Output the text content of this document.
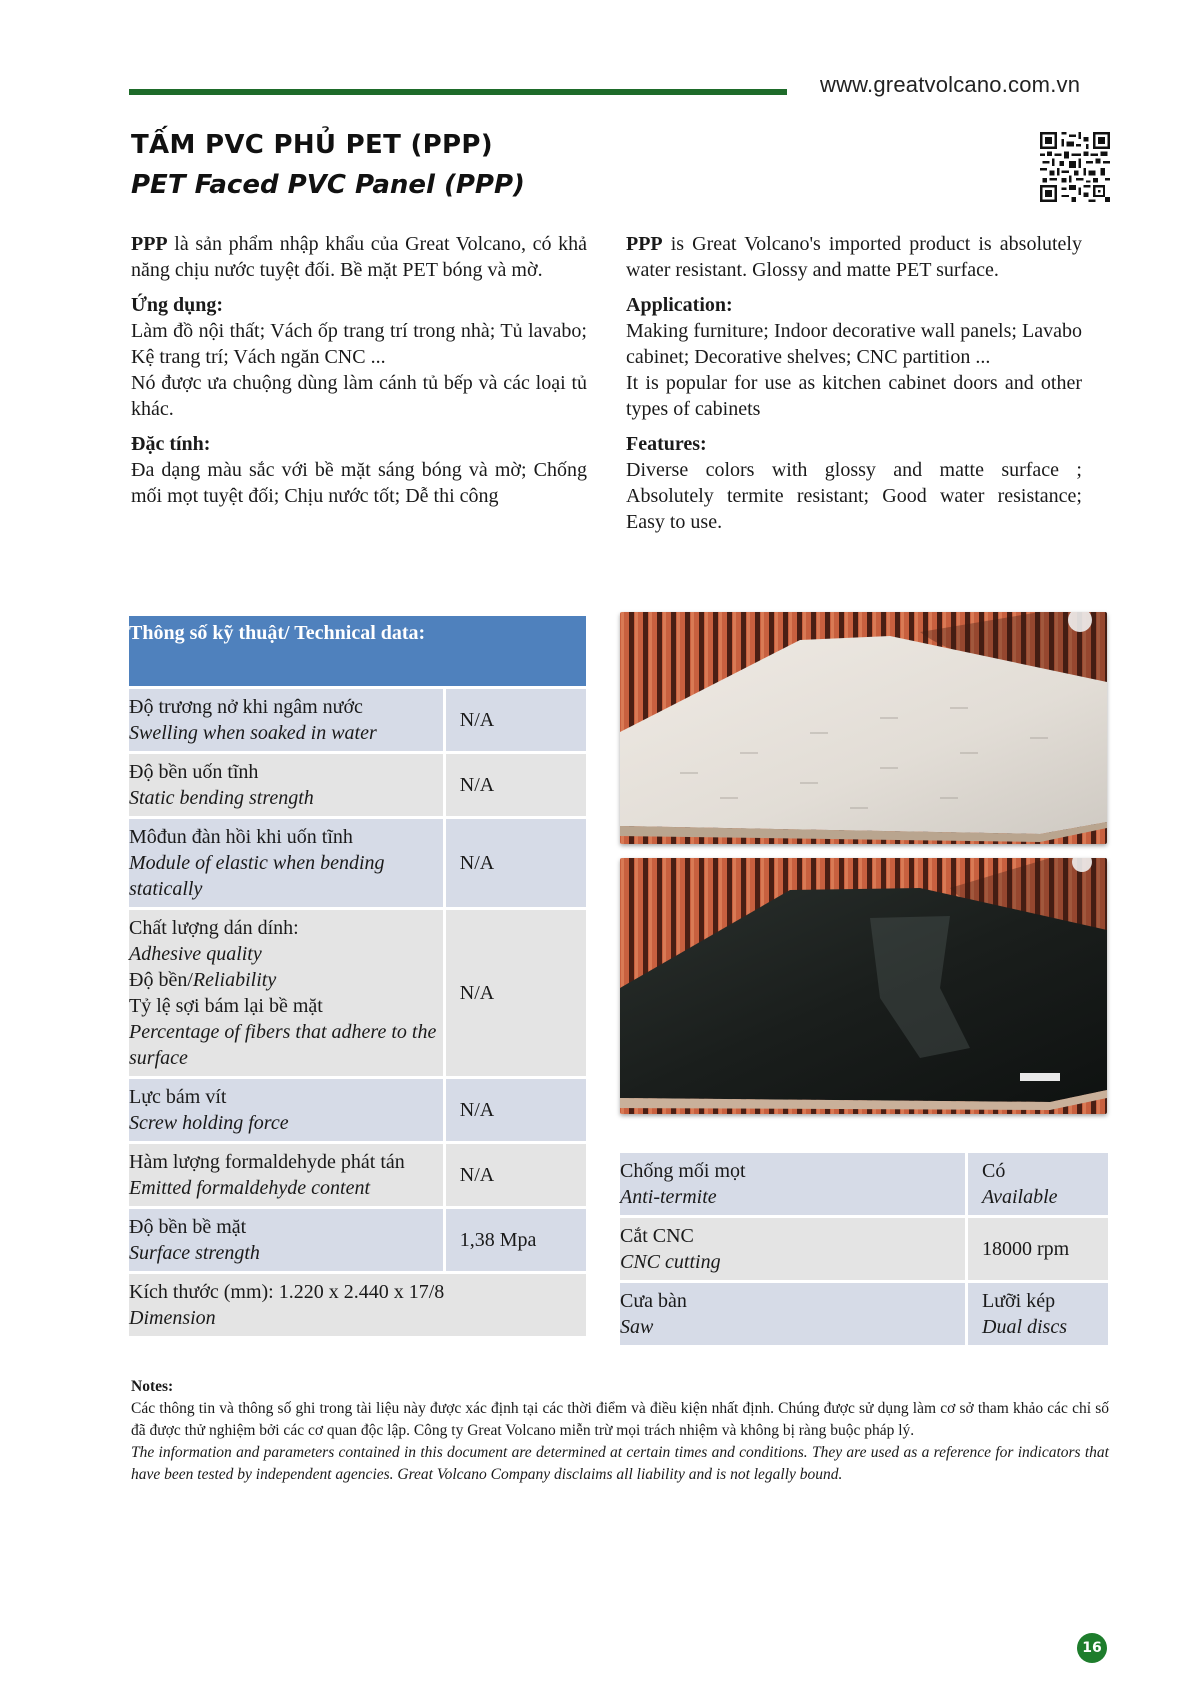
www.greatvolcano.com.vn
TẤM PVC PHỦ PET (PPP)
PET Faced PVC Panel (PPP)

PPP là sản phẩm nhập khẩu của Great Volcano, có khả năng chịu nước tuyệt đối. Bề mặt PET bóng và mờ.

Ứng dụng:

Làm đồ nội thất; Vách ốp trang trí trong nhà; Tủ lavabo; Kệ trang trí; Vách ngăn CNC ...

Nó được ưa chuộng dùng làm cánh tủ bếp và các loại tủ khác.

Đặc tính:

Đa dạng màu sắc với bề mặt sáng bóng và mờ; Chống mối mọt tuyệt đối; Chịu nước tốt; Dễ thi công

PPP is Great Volcano's imported product is absolutely water resistant. Glossy and matte PET surface.

Application:

Making furniture; Indoor decorative wall panels; Lavabo cabinet; Decorative shelves; CNC partition ...

It is popular for use as kitchen cabinet doors and other types of cabinets

Features:

Diverse colors with glossy and matte surface ; Absolutely termite resistant; Good water resistance; Easy to use.

Thông số kỹ thuật/ Technical data:
Độ trương nở khi ngâm nước
Swelling when soaked in water	N/A

Độ bền uốn tĩnh
Static bending strength	N/A

Môđun đàn hồi khi uốn tĩnh
Module of elastic when bending statically	N/A

Chất lượng dán dính:
Adhesive quality
Độ bền/Reliability
Tỷ lệ sợi bám lại bề mặt
Percentage of fibers that adhere to the surface	N/A

Lực bám vít
Screw holding force	N/A

Hàm lượng formaldehyde phát tán
Emitted formaldehyde content	N/A

Độ bền bề mặt
Surface strength	1,38 Mpa

Kích thước (mm): 1.220 x 2.440 x 17/8
Dimension	
Chống mối mọt
Anti-termite	Có
Available

Cắt CNC
CNC cutting	18000 rpm

Cưa bàn
Saw	Lưỡi kép
Dual discs
Notes:
Các thông tin và thông số ghi trong tài liệu này được xác định tại các thời điểm và điều kiện nhất định. Chúng được sử dụng làm cơ sở tham khảo các chỉ số đã được thử nghiệm bởi các cơ quan độc lập. Công ty Great Volcano miễn trừ mọi trách nhiệm và không bị ràng buộc pháp lý.
The information and parameters contained in this document are determined at certain times and conditions. They are used as a reference for indicators that have been tested by independent agencies. Great Volcano Company disclaims all liability and is not legally bound.
16
